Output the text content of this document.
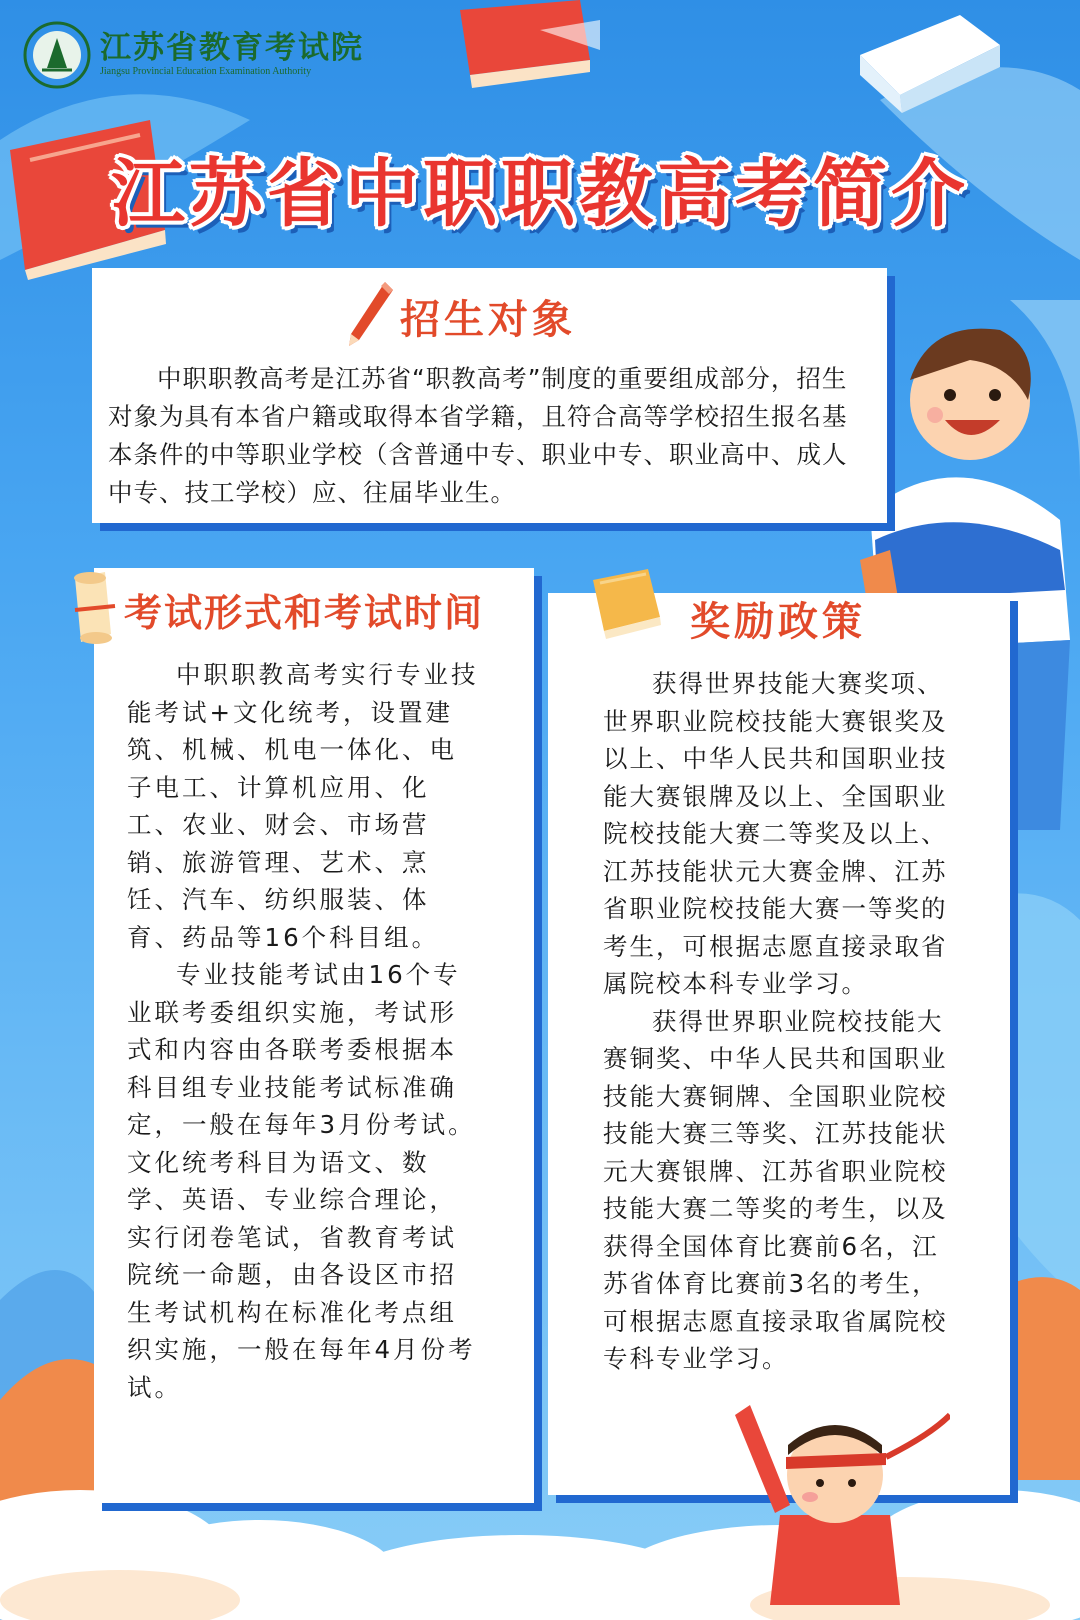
江苏省教育考试院
Jiangsu Provincial Education Examination Authority
江苏省中职职教高考简介
招生对象

中职职教高考是江苏省“职教高考”制度的重要组成部分，招生对象为具有本省户籍或取得本省学籍，且符合高等学校招生报名基本条件的中等职业学校（含普通中专、职业中专、职业高中、成人中专、技工学校）应、往届毕业生。

考试形式和考试时间

中职职教高考实行专业技能考试+文化统考，设置建筑、机械、机电一体化、电子电工、计算机应用、化工、农业、财会、市场营销、旅游管理、艺术、烹饪、汽车、纺织服装、体育、药品等16个科目组。

专业技能考试由16个专业联考委组织实施，考试形式和内容由各联考委根据本科目组专业技能考试标准确定，一般在每年3月份考试。文化统考科目为语文、数学、英语、专业综合理论，实行闭卷笔试，省教育考试院统一命题，由各设区市招生考试机构在标准化考点组织实施，一般在每年4月份考试。

奖励政策

获得世界技能大赛奖项、世界职业院校技能大赛银奖及以上、中华人民共和国职业技能大赛银牌及以上、全国职业院校技能大赛二等奖及以上、江苏技能状元大赛金牌、江苏省职业院校技能大赛一等奖的考生，可根据志愿直接录取省属院校本科专业学习。

获得世界职业院校技能大赛铜奖、中华人民共和国职业技能大赛铜牌、全国职业院校技能大赛三等奖、江苏技能状元大赛银牌、江苏省职业院校技能大赛二等奖的考生，以及获得全国体育比赛前6名，江苏省体育比赛前3名的考生，可根据志愿直接录取省属院校专科专业学习。
